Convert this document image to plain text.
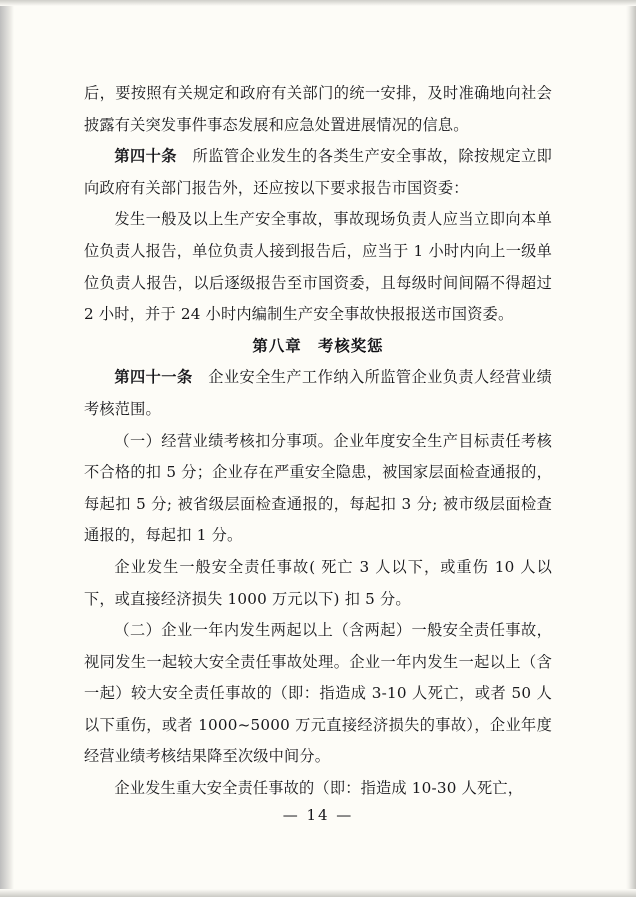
后，要按照有关规定和政府有关部门的统一安排，及时准确地向社会披露有关突发事件事态发展和应急处置进展情况的信息。

第四十条　 所监管企业发生的各类生产安全事故，除按规定立即向政府有关部门报告外，还应按以下要求报告市国资委：

发生一般及以上生产安全事故，事故现场负责人应当立即向本单位负责人报告，单位负责人接到报告后，应当于 1 小时内向上一级单位负责人报告，以后逐级报告至市国资委，且每级时间间隔不得超过 2 小时，并于 24 小时内编制生产安全事故快报报送市国资委。

第八章　考核奖惩

第四十一条　 企业安全生产工作纳入所监管企业负责人经营业绩考核范围。

（一）经营业绩考核扣分事项。企业年度安全生产目标责任考核不合格的扣 5 分；企业存在严重安全隐患，被国家层面检查通报的，每起扣 5 分; 被省级层面检查通报的，每起扣 3 分; 被市级层面检查通报的，每起扣 1 分。

企业发生一般安全责任事故( 死亡 3 人以下，或重伤 10 人以下，或直接经济损失 1000 万元以下) 扣 5 分。

（二）企业一年内发生两起以上（含两起）一般安全责任事故，视同发生一起较大安全责任事故处理。企业一年内发生一起以上（含一起）较大安全责任事故的（即：指造成 3-10 人死亡，或者 50 人以下重伤，或者 1000~5000 万元直接经济损失的事故），企业年度经营业绩考核结果降至次级中间分。

企业发生重大安全责任事故的（即：指造成 10-30 人死亡，

— 14 —
